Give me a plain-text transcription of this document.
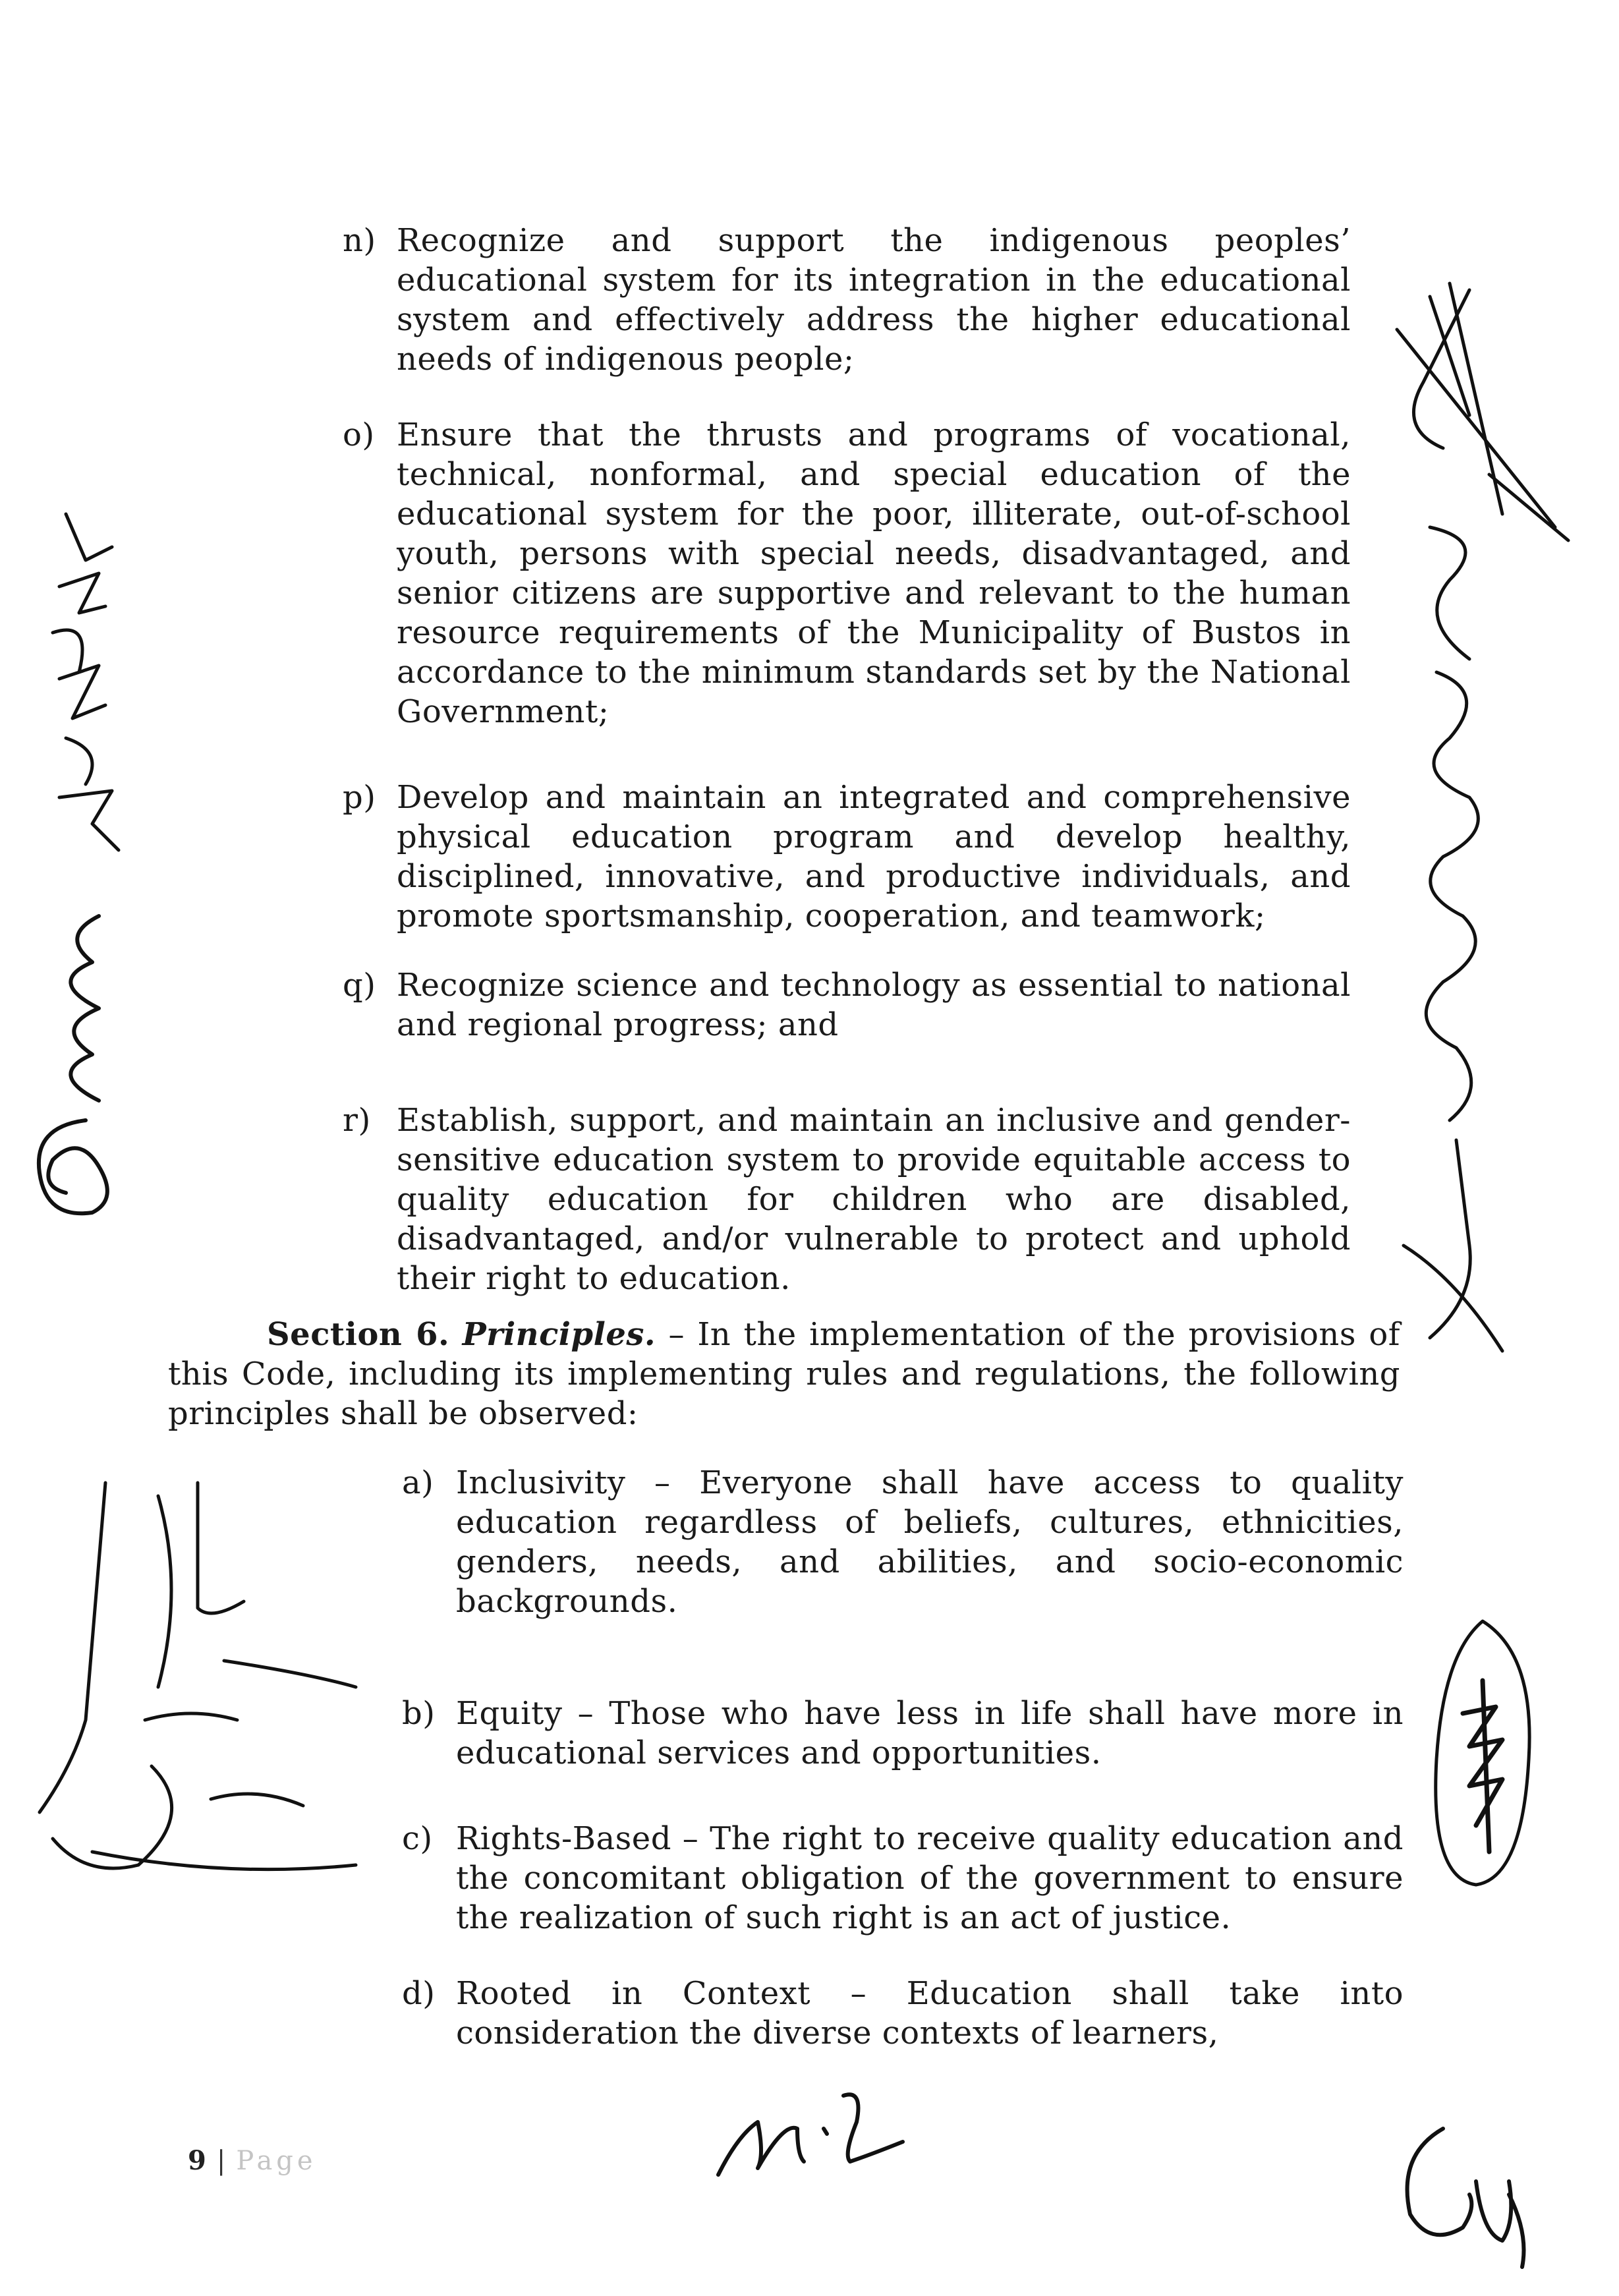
n) Recognize and support the indigenous peoples’ educational system for its integration in the educational system and effectively address the higher educational needs of indigenous people;
o) Ensure that the thrusts and programs of vocational, technical, nonformal, and special education of the educational system for the poor, illiterate, out-of-school youth, persons with special needs, disadvantaged, and senior citizens are supportive and relevant to the human resource requirements of the Municipality of Bustos in accordance to the minimum standards set by the National Government;
p) Develop and maintain an integrated and comprehensive physical education program and develop healthy, disciplined, innovative, and productive individuals, and promote sportsmanship, cooperation, and teamwork;
q) Recognize science and technology as essential to national and regional progress; and
r) Establish, support, and maintain an inclusive and gender-sensitive education system to provide equitable access to quality education for children who are disabled, disadvantaged, and/or vulnerable to protect and uphold their right to education.
Section 6. Principles. – In the implementation of the provisions of this Code, including its implementing rules and regulations, the following principles shall be observed:
a) Inclusivity – Everyone shall have access to quality education regardless of beliefs, cultures, ethnicities, genders, needs, and abilities, and socio-economic backgrounds.
b) Equity – Those who have less in life shall have more in educational services and opportunities.
c) Rights-Based – The right to receive quality education and the concomitant obligation of the government to ensure the realization of such right is an act of justice.
d) Rooted in Context – Education shall take into consideration the diverse contexts of learners,
9 | Page
